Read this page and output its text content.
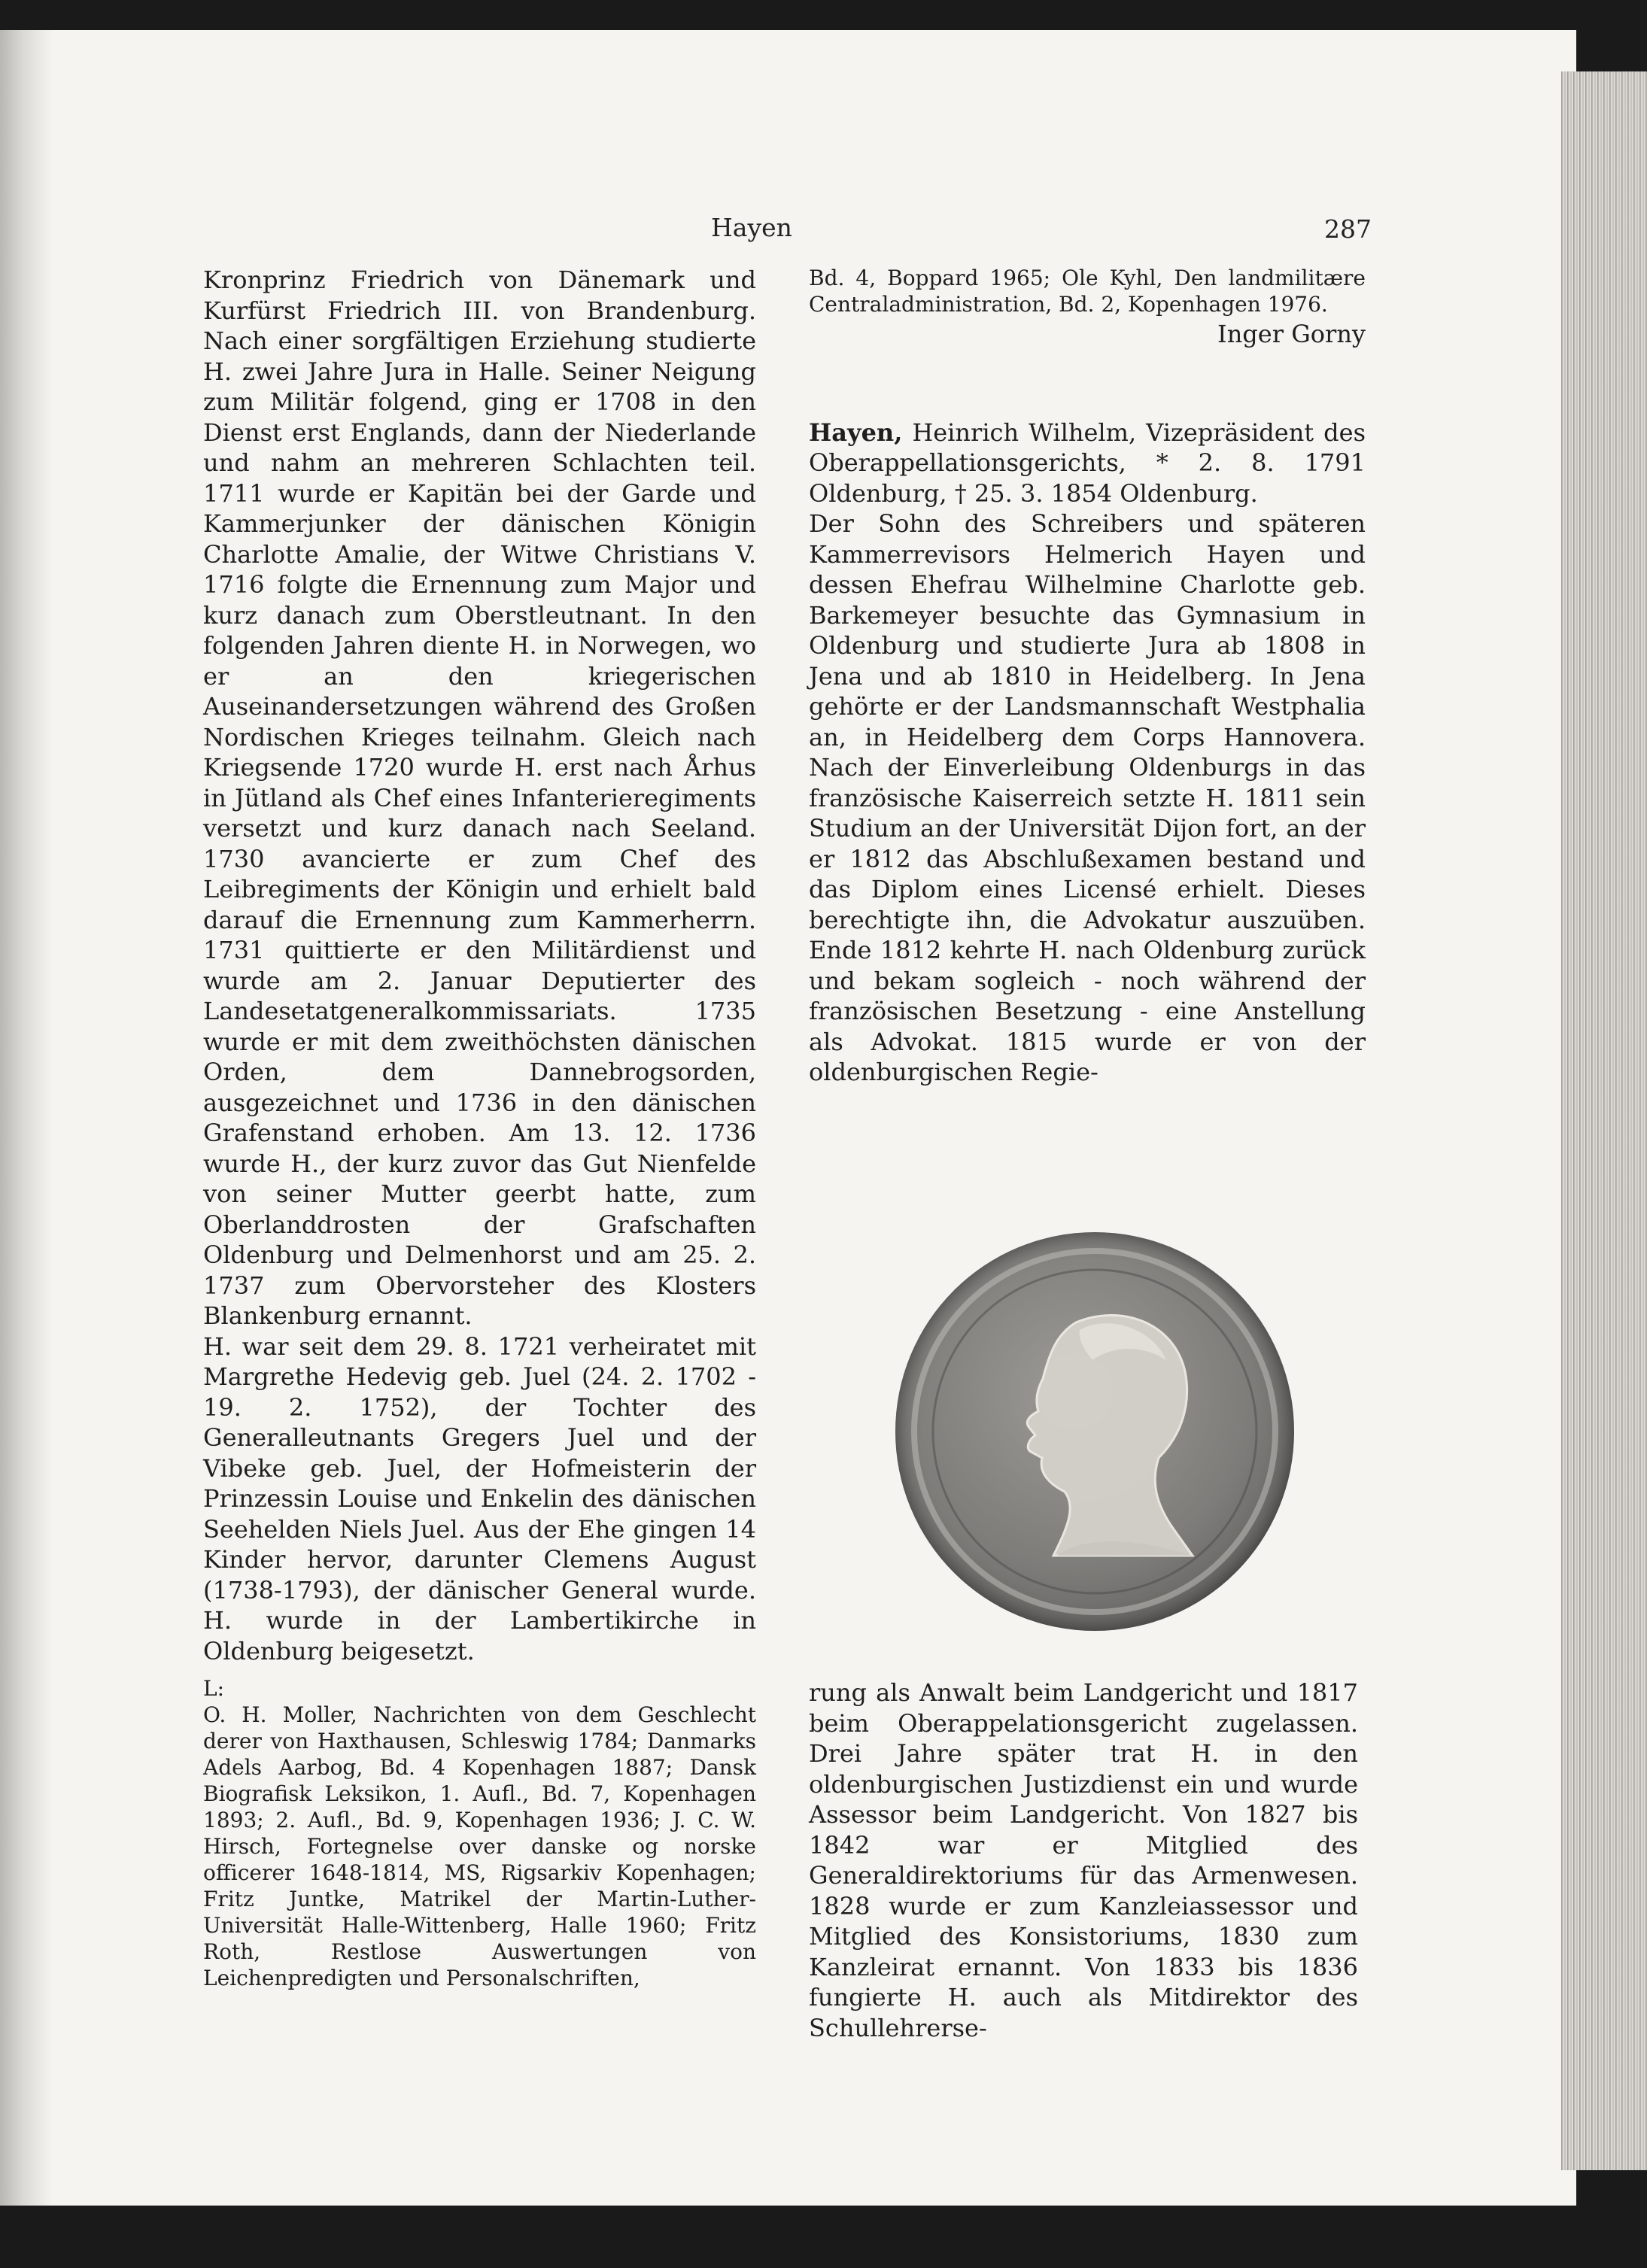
Hayen	287

Kronprinz Friedrich von Dänemark und Kurfürst Friedrich III. von Brandenburg. Nach einer sorgfältigen Erziehung studierte H. zwei Jahre Jura in Halle. Seiner Neigung zum Militär folgend, ging er 1708 in den Dienst erst Englands, dann der Niederlande und nahm an mehreren Schlachten teil. 1711 wurde er Kapitän bei der Garde und Kammerjunker der dänischen Königin Charlotte Amalie, der Witwe Christians V. 1716 folgte die Ernennung zum Major und kurz danach zum Oberstleutnant. In den folgenden Jahren diente H. in Norwegen, wo er an den kriegerischen Auseinandersetzungen während des Großen Nordischen Krieges teilnahm. Gleich nach Kriegsende 1720 wurde H. erst nach Århus in Jütland als Chef eines Infanterieregiments versetzt und kurz danach nach Seeland. 1730 avancierte er zum Chef des Leibregiments der Königin und erhielt bald darauf die Ernennung zum Kammerherrn. 1731 quittierte er den Militärdienst und wurde am 2. Januar Deputierter des Landesetatgeneralkommissariats. 1735 wurde er mit dem zweithöchsten dänischen Orden, dem Dannebrogsorden, ausgezeichnet und 1736 in den dänischen Grafenstand erhoben. Am 13. 12. 1736 wurde H., der kurz zuvor das Gut Nienfelde von seiner Mutter geerbt hatte, zum Oberlanddrosten der Grafschaften Oldenburg und Delmenhorst und am 25. 2. 1737 zum Obervorsteher des Klosters Blankenburg ernannt.

H. war seit dem 29. 8. 1721 verheiratet mit Margrethe Hedevig geb. Juel (24. 2. 1702 - 19. 2. 1752), der Tochter des Generalleutnants Gregers Juel und der Vibeke geb. Juel, der Hofmeisterin der Prinzessin Louise und Enkelin des dänischen Seehelden Niels Juel. Aus der Ehe gingen 14 Kinder hervor, darunter Clemens August (1738-1793), der dänischer General wurde. H. wurde in der Lambertikirche in Oldenburg beigesetzt.

L:

O. H. Moller, Nachrichten von dem Geschlecht derer von Haxthausen, Schleswig 1784; Danmarks Adels Aarbog, Bd. 4 Kopenhagen 1887; Dansk Biografisk Leksikon, 1. Aufl., Bd. 7, Kopenhagen 1893; 2. Aufl., Bd. 9, Kopenhagen 1936; J. C. W. Hirsch, Fortegnelse over danske og norske officerer 1648-1814, MS, Rigsarkiv Kopenhagen; Fritz Juntke, Matrikel der Martin-Luther-Universität Halle-Wittenberg, Halle 1960; Fritz Roth, Restlose Auswertungen von Leichenpredigten und Personalschriften,

Bd. 4, Boppard 1965; Ole Kyhl, Den landmilitære Centraladministration, Bd. 2, Kopenhagen 1976.

Inger Gorny

Hayen, Heinrich Wilhelm, Vizepräsident des Oberappellationsgerichts, * 2. 8. 1791 Oldenburg, † 25. 3. 1854 Oldenburg.

Der Sohn des Schreibers und späteren Kammerrevisors Helmerich Hayen und dessen Ehefrau Wilhelmine Charlotte geb. Barkemeyer besuchte das Gymnasium in Oldenburg und studierte Jura ab 1808 in Jena und ab 1810 in Heidelberg. In Jena gehörte er der Landsmannschaft Westphalia an, in Heidelberg dem Corps Hannovera. Nach der Einverleibung Oldenburgs in das französische Kaiserreich setzte H. 1811 sein Studium an der Universität Dijon fort, an der er 1812 das Abschlußexamen bestand und das Diplom eines Licensé erhielt. Dieses berechtigte ihn, die Advokatur auszuüben. Ende 1812 kehrte H. nach Oldenburg zurück und bekam sogleich - noch während der französischen Besetzung - eine Anstellung als Advokat. 1815 wurde er von der oldenburgischen Regie-

rung als Anwalt beim Landgericht und 1817 beim Oberappelationsgericht zugelassen. Drei Jahre später trat H. in den oldenburgischen Justizdienst ein und wurde Assessor beim Landgericht. Von 1827 bis 1842 war er Mitglied des Generaldirektoriums für das Armenwesen. 1828 wurde er zum Kanzleiassessor und Mitglied des Konsistoriums, 1830 zum Kanzleirat ernannt. Von 1833 bis 1836 fungierte H. auch als Mitdirektor des Schullehrerse-
